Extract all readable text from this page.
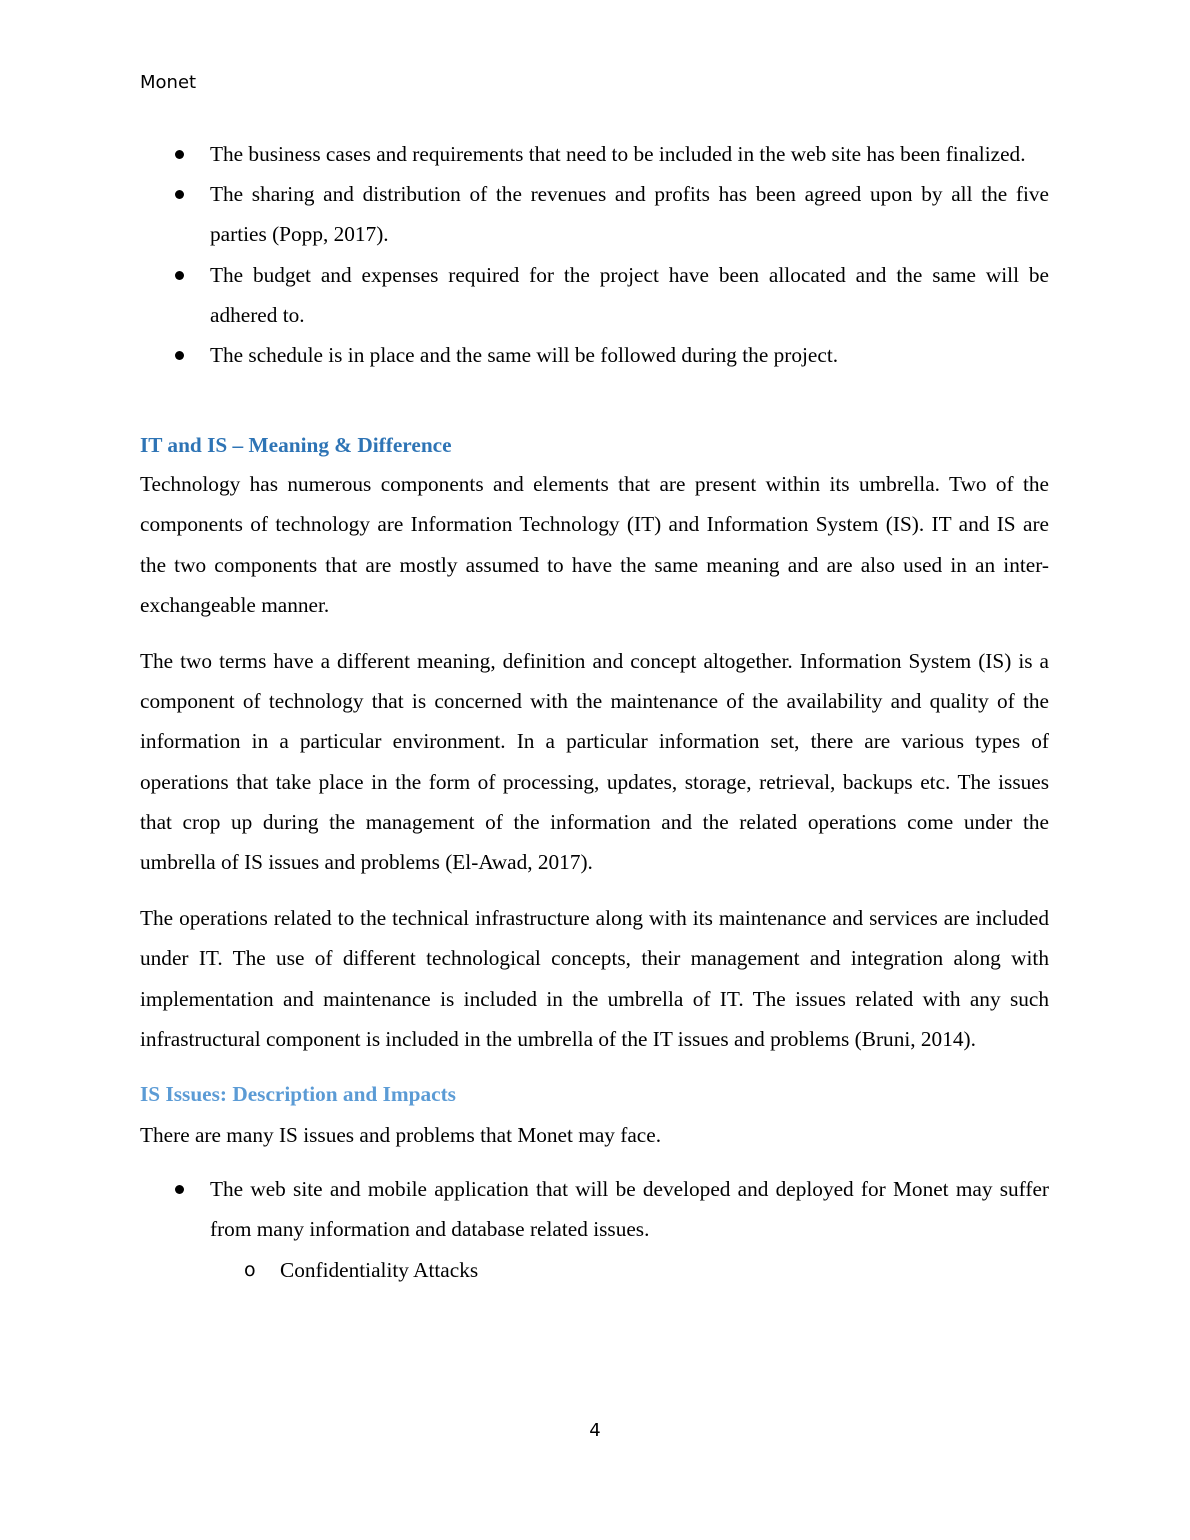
Monet
The business cases and requirements that need to be included in the web site has been finalized.
The sharing and distribution of the revenues and profits has been agreed upon by all the five parties (Popp, 2017).
The budget and expenses required for the project have been allocated and the same will be adhered to.
The schedule is in place and the same will be followed during the project.
IT and IS – Meaning & Difference

Technology has numerous components and elements that are present within its umbrella. Two of the components of technology are Information Technology (IT) and Information System (IS). IT and IS are the two components that are mostly assumed to have the same meaning and are also used in an inter-exchangeable manner.

The two terms have a different meaning, definition and concept altogether. Information System (IS) is a component of technology that is concerned with the maintenance of the availability and quality of the information in a particular environment. In a particular information set, there are various types of operations that take place in the form of processing, updates, storage, retrieval, backups etc. The issues that crop up during the management of the information and the related operations come under the umbrella of IS issues and problems (El-Awad, 2017).

The operations related to the technical infrastructure along with its maintenance and services are included under IT. The use of different technological concepts, their management and integration along with implementation and maintenance is included in the umbrella of IT. The issues related with any such infrastructural component is included in the umbrella of the IT issues and problems (Bruni, 2014).

IS Issues: Description and Impacts

There are many IS issues and problems that Monet may face.

The web site and mobile application that will be developed and deployed for Monet may suffer from many information and database related issues.
o Confidentiality Attacks
4
